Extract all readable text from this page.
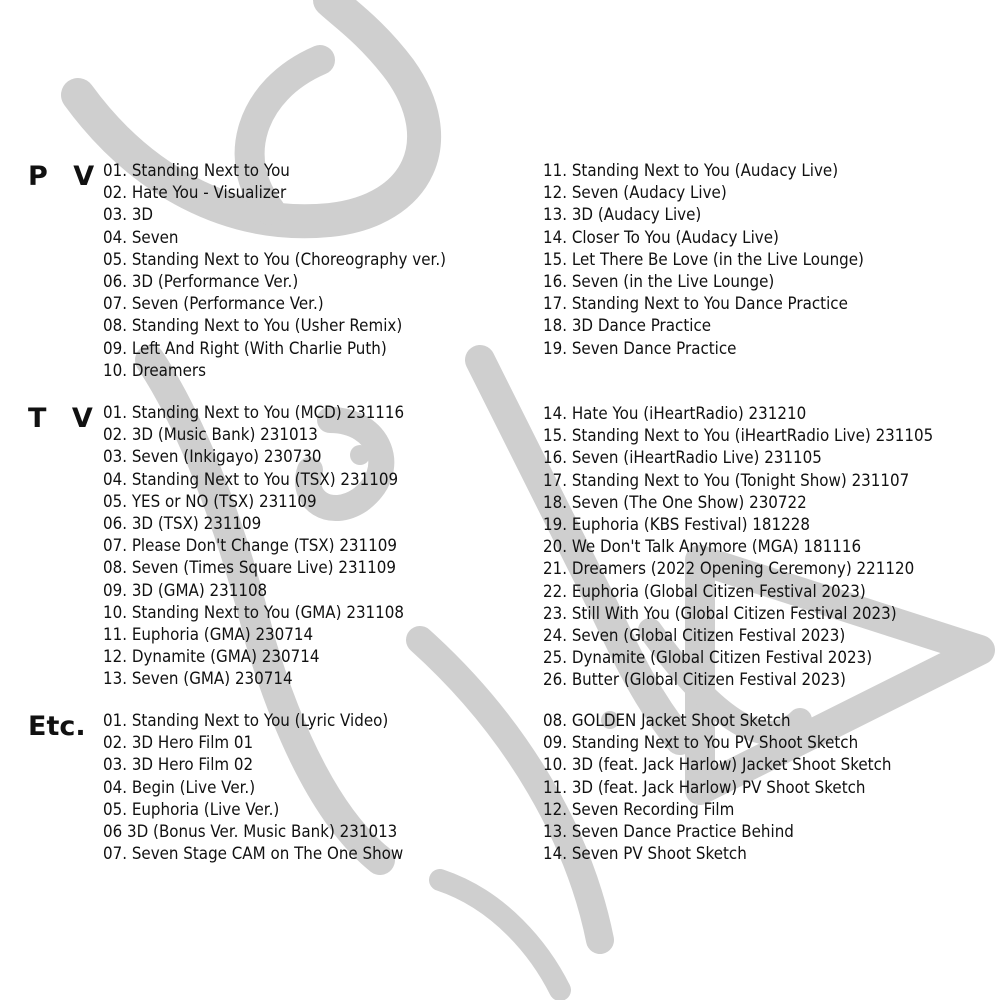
P V 01. Standing Next to You
02. Hate You - Visualizer
03. 3D
04. Seven
05. Standing Next to You (Choreography ver.)
06. 3D (Performance Ver.)
07. Seven (Performance Ver.)
08. Standing Next to You (Usher Remix)
09. Left And Right (With Charlie Puth)
10. Dreamers
11. Standing Next to You (Audacy Live)
12. Seven (Audacy Live)
13. 3D (Audacy Live)
14. Closer To You (Audacy Live)
15. Let There Be Love (in the Live Lounge)
16. Seven (in the Live Lounge)
17. Standing Next to You Dance Practice
18. 3D Dance Practice
19. Seven Dance Practice
T V 01. Standing Next to You (MCD) 231116
02. 3D (Music Bank) 231013
03. Seven (Inkigayo) 230730
04. Standing Next to You (TSX) 231109
05. YES or NO (TSX) 231109
06. 3D (TSX) 231109
07. Please Don't Change (TSX) 231109
08. Seven (Times Square Live) 231109
09. 3D (GMA) 231108
10. Standing Next to You (GMA) 231108
11. Euphoria (GMA) 230714
12. Dynamite (GMA) 230714
13. Seven (GMA) 230714
14. Hate You (iHeartRadio) 231210
15. Standing Next to You (iHeartRadio Live) 231105
16. Seven (iHeartRadio Live) 231105
17. Standing Next to You (Tonight Show) 231107
18. Seven (The One Show) 230722
19. Euphoria (KBS Festival) 181228
20. We Don't Talk Anymore (MGA) 181116
21. Dreamers (2022 Opening Ceremony) 221120
22. Euphoria (Global Citizen Festival 2023)
23. Still With You (Global Citizen Festival 2023)
24. Seven (Global Citizen Festival 2023)
25. Dynamite (Global Citizen Festival 2023)
26. Butter (Global Citizen Festival 2023)
Etc. 01. Standing Next to You (Lyric Video)
02. 3D Hero Film 01
03. 3D Hero Film 02
04. Begin (Live Ver.)
05. Euphoria (Live Ver.)
06 3D (Bonus Ver. Music Bank) 231013
07. Seven Stage CAM on The One Show
08. GOLDEN Jacket Shoot Sketch
09. Standing Next to You PV Shoot Sketch
10. 3D (feat. Jack Harlow) Jacket Shoot Sketch
11. 3D (feat. Jack Harlow) PV Shoot Sketch
12. Seven Recording Film
13. Seven Dance Practice Behind
14. Seven PV Shoot Sketch
